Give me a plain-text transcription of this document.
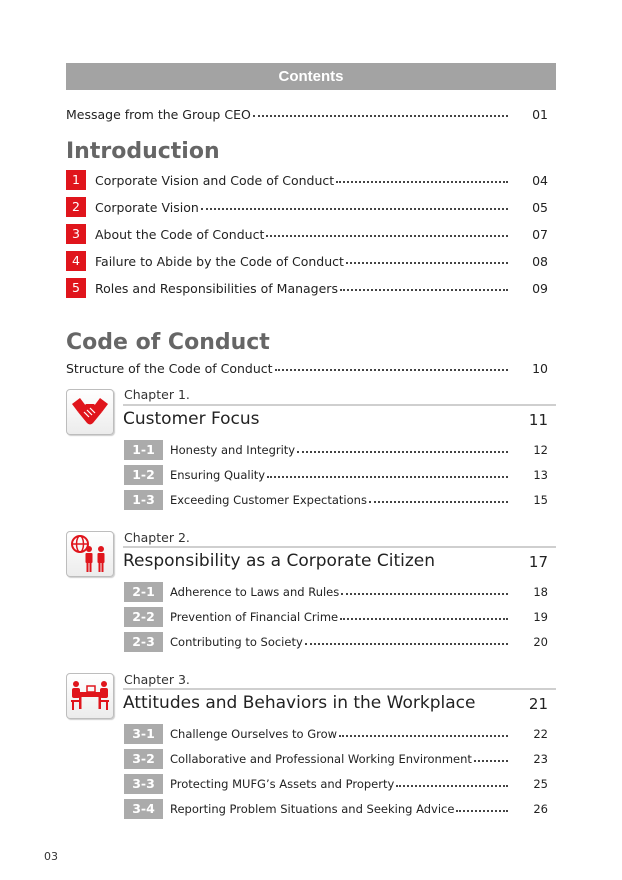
Contents
Message from the Group CEO	01
Introduction
1	Corporate Vision and Code of Conduct	04
2	Corporate Vision	05
3	About the Code of Conduct	07
4	Failure to Abide by the Code of Conduct	08
5	Roles and Responsibilities of Managers	09
Code of Conduct
Structure of the Code of Conduct	10
Chapter 1.
Customer Focus	11
1-1	Honesty and Integrity	12
1-2	Ensuring Quality	13
1-3	Exceeding Customer Expectations	15
Chapter 2.
Responsibility as a Corporate Citizen	17
2-1	Adherence to Laws and Rules	18
2-2	Prevention of Financial Crime	19
2-3	Contributing to Society	20
Chapter 3.
Attitudes and Behaviors in the Workplace	21
3-1	Challenge Ourselves to Grow	22
3-2	Collaborative and Professional Working Environment	23
3-3	Protecting MUFG’s Assets and Property	25
3-4	Reporting Problem Situations and Seeking Advice	26
03
